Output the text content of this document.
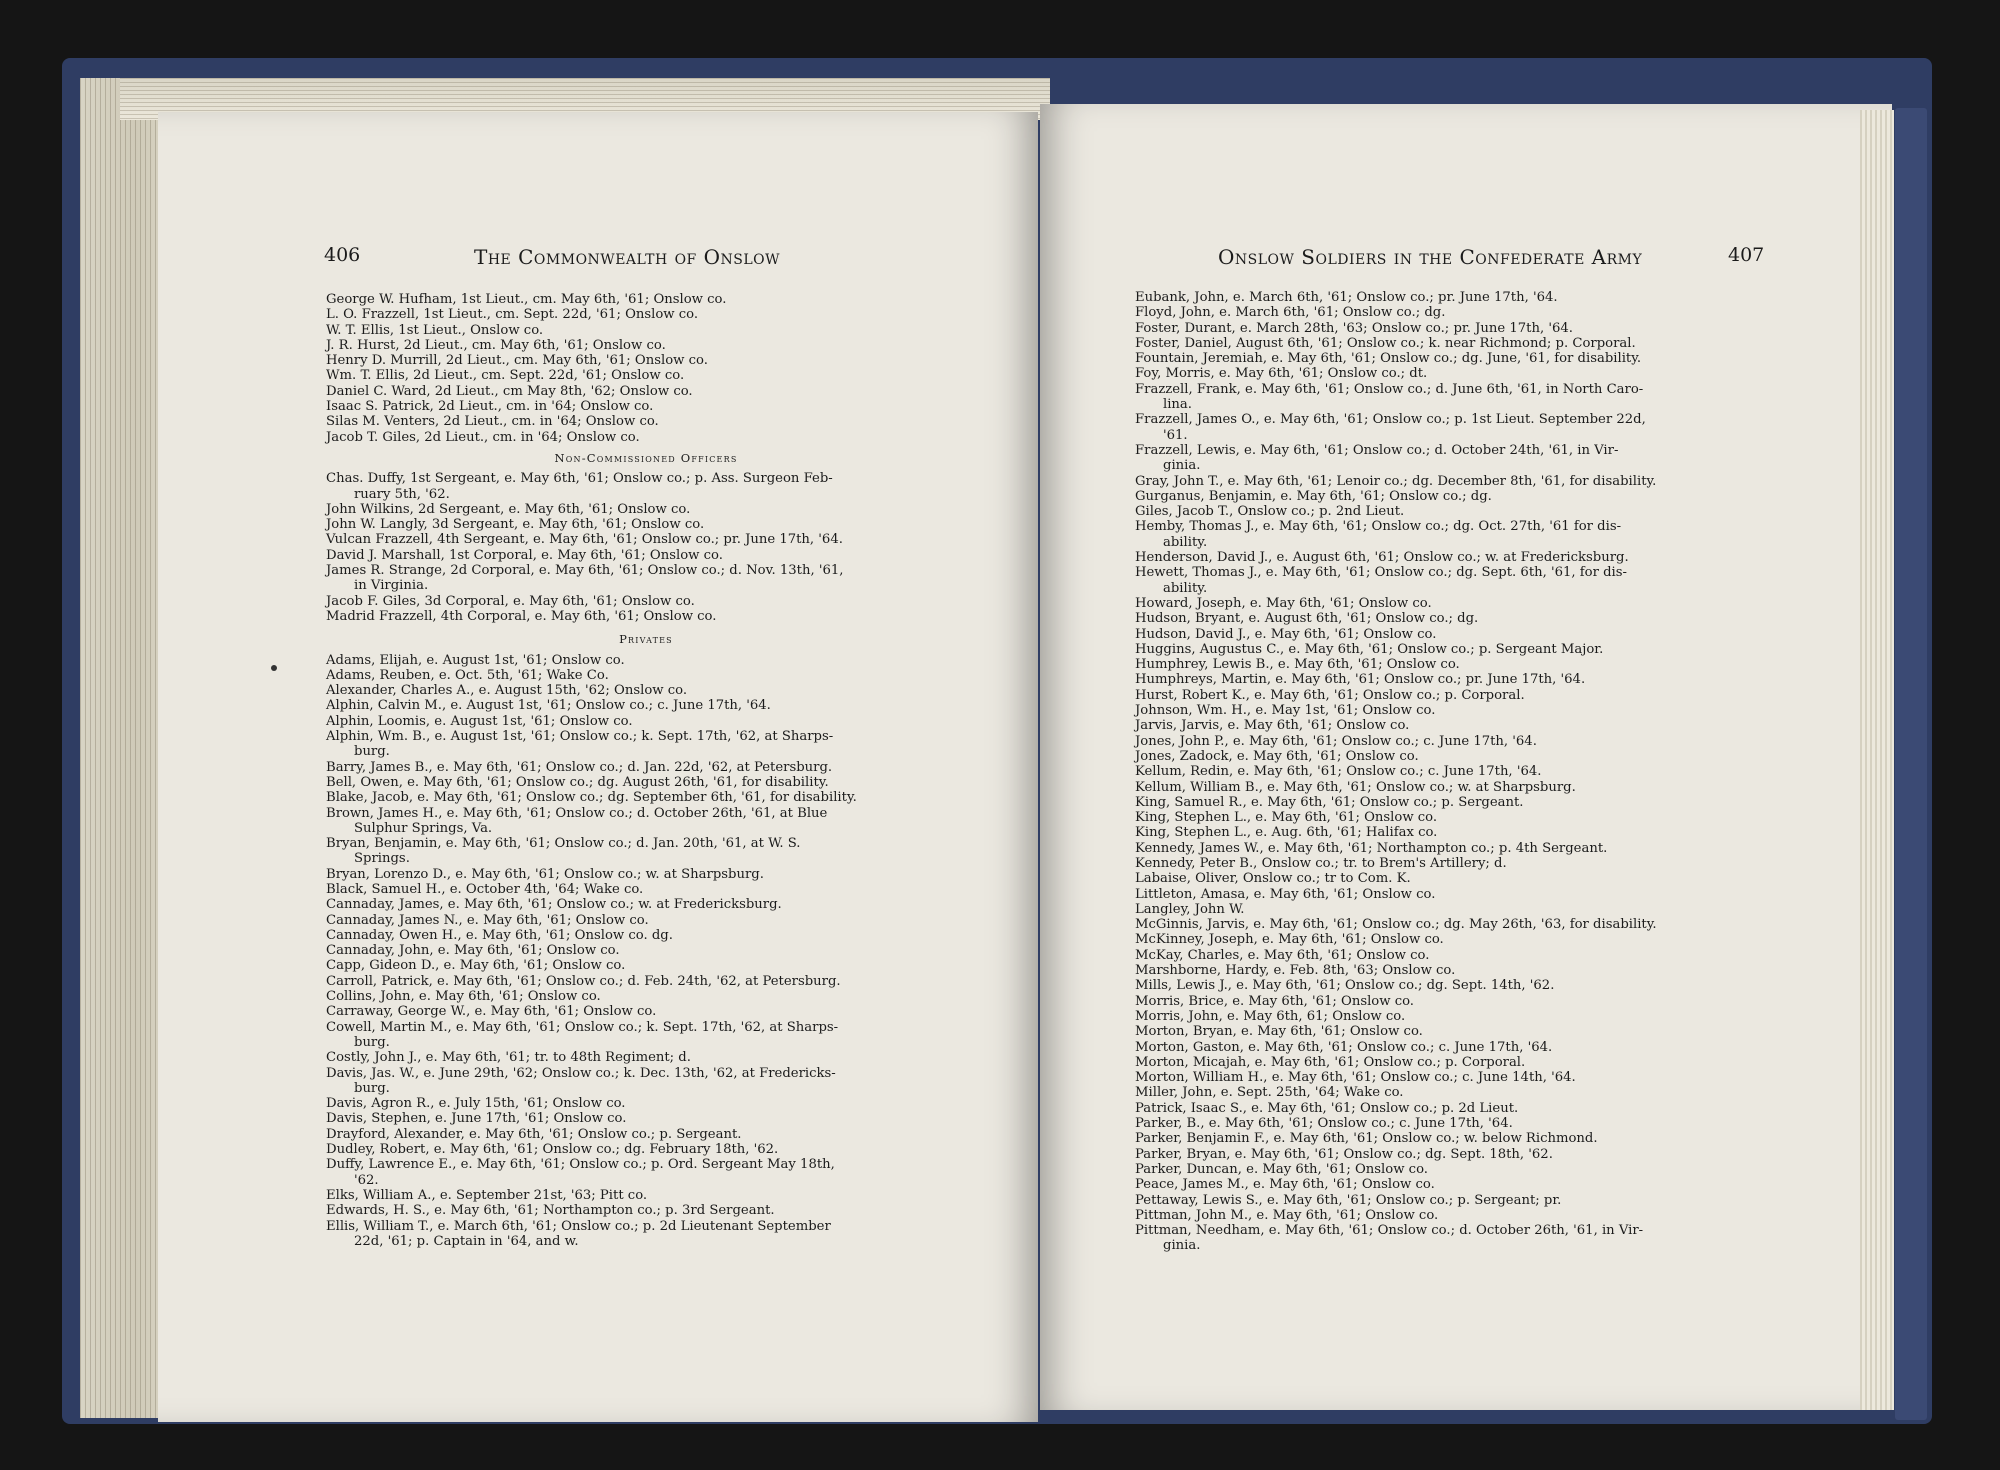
406	The Commonwealth of Onslow
George W. Hufham, 1st Lieut., cm. May 6th, '61; Onslow co.
L. O. Frazzell, 1st Lieut., cm. Sept. 22d, '61; Onslow co.
W. T. Ellis, 1st Lieut., Onslow co.
J. R. Hurst, 2d Lieut., cm. May 6th, '61; Onslow co.
Henry D. Murrill, 2d Lieut., cm. May 6th, '61; Onslow co.
Wm. T. Ellis, 2d Lieut., cm. Sept. 22d, '61; Onslow co.
Daniel C. Ward, 2d Lieut., cm May 8th, '62; Onslow co.
Isaac S. Patrick, 2d Lieut., cm. in '64; Onslow co.
Silas M. Venters, 2d Lieut., cm. in '64; Onslow co.
Jacob T. Giles, 2d Lieut., cm. in '64; Onslow co.
Non-Commissioned Officers
Chas. Duffy, 1st Sergeant, e. May 6th, '61; Onslow co.; p. Ass. Surgeon Feb-
ruary 5th, '62.
John Wilkins, 2d Sergeant, e. May 6th, '61; Onslow co.
John W. Langly, 3d Sergeant, e. May 6th, '61; Onslow co.
Vulcan Frazzell, 4th Sergeant, e. May 6th, '61; Onslow co.; pr. June 17th, '64.
David J. Marshall, 1st Corporal, e. May 6th, '61; Onslow co.
James R. Strange, 2d Corporal, e. May 6th, '61; Onslow co.; d. Nov. 13th, '61,
in Virginia.
Jacob F. Giles, 3d Corporal, e. May 6th, '61; Onslow co.
Madrid Frazzell, 4th Corporal, e. May 6th, '61; Onslow co.
Privates
Adams, Elijah, e. August 1st, '61; Onslow co.
Adams, Reuben, e. Oct. 5th, '61; Wake Co.
Alexander, Charles A., e. August 15th, '62; Onslow co.
Alphin, Calvin M., e. August 1st, '61; Onslow co.; c. June 17th, '64.
Alphin, Loomis, e. August 1st, '61; Onslow co.
Alphin, Wm. B., e. August 1st, '61; Onslow co.; k. Sept. 17th, '62, at Sharps-
burg.
Barry, James B., e. May 6th, '61; Onslow co.; d. Jan. 22d, '62, at Petersburg.
Bell, Owen, e. May 6th, '61; Onslow co.; dg. August 26th, '61, for disability.
Blake, Jacob, e. May 6th, '61; Onslow co.; dg. September 6th, '61, for disability.
Brown, James H., e. May 6th, '61; Onslow co.; d. October 26th, '61, at Blue
Sulphur Springs, Va.
Bryan, Benjamin, e. May 6th, '61; Onslow co.; d. Jan. 20th, '61, at W. S.
Springs.
Bryan, Lorenzo D., e. May 6th, '61; Onslow co.; w. at Sharpsburg.
Black, Samuel H., e. October 4th, '64; Wake co.
Cannaday, James, e. May 6th, '61; Onslow co.; w. at Fredericksburg.
Cannaday, James N., e. May 6th, '61; Onslow co.
Cannaday, Owen H., e. May 6th, '61; Onslow co. dg.
Cannaday, John, e. May 6th, '61; Onslow co.
Capp, Gideon D., e. May 6th, '61; Onslow co.
Carroll, Patrick, e. May 6th, '61; Onslow co.; d. Feb. 24th, '62, at Petersburg.
Collins, John, e. May 6th, '61; Onslow co.
Carraway, George W., e. May 6th, '61; Onslow co.
Cowell, Martin M., e. May 6th, '61; Onslow co.; k. Sept. 17th, '62, at Sharps-
burg.
Costly, John J., e. May 6th, '61; tr. to 48th Regiment; d.
Davis, Jas. W., e. June 29th, '62; Onslow co.; k. Dec. 13th, '62, at Fredericks-
burg.
Davis, Agron R., e. July 15th, '61; Onslow co.
Davis, Stephen, e. June 17th, '61; Onslow co.
Drayford, Alexander, e. May 6th, '61; Onslow co.; p. Sergeant.
Dudley, Robert, e. May 6th, '61; Onslow co.; dg. February 18th, '62.
Duffy, Lawrence E., e. May 6th, '61; Onslow co.; p. Ord. Sergeant May 18th,
'62.
Elks, William A., e. September 21st, '63; Pitt co.
Edwards, H. S., e. May 6th, '61; Northampton co.; p. 3rd Sergeant.
Ellis, William T., e. March 6th, '61; Onslow co.; p. 2d Lieutenant September
22d, '61; p. Captain in '64, and w.
Onslow Soldiers in the Confederate Army	407
Eubank, John, e. March 6th, '61; Onslow co.; pr. June 17th, '64.
Floyd, John, e. March 6th, '61; Onslow co.; dg.
Foster, Durant, e. March 28th, '63; Onslow co.; pr. June 17th, '64.
Foster, Daniel, August 6th, '61; Onslow co.; k. near Richmond; p. Corporal.
Fountain, Jeremiah, e. May 6th, '61; Onslow co.; dg. June, '61, for disability.
Foy, Morris, e. May 6th, '61; Onslow co.; dt.
Frazzell, Frank, e. May 6th, '61; Onslow co.; d. June 6th, '61, in North Caro-
lina.
Frazzell, James O., e. May 6th, '61; Onslow co.; p. 1st Lieut. September 22d,
'61.
Frazzell, Lewis, e. May 6th, '61; Onslow co.; d. October 24th, '61, in Vir-
ginia.
Gray, John T., e. May 6th, '61; Lenoir co.; dg. December 8th, '61, for disability.
Gurganus, Benjamin, e. May 6th, '61; Onslow co.; dg.
Giles, Jacob T., Onslow co.; p. 2nd Lieut.
Hemby, Thomas J., e. May 6th, '61; Onslow co.; dg. Oct. 27th, '61 for dis-
ability.
Henderson, David J., e. August 6th, '61; Onslow co.; w. at Fredericksburg.
Hewett, Thomas J., e. May 6th, '61; Onslow co.; dg. Sept. 6th, '61, for dis-
ability.
Howard, Joseph, e. May 6th, '61; Onslow co.
Hudson, Bryant, e. August 6th, '61; Onslow co.; dg.
Hudson, David J., e. May 6th, '61; Onslow co.
Huggins, Augustus C., e. May 6th, '61; Onslow co.; p. Sergeant Major.
Humphrey, Lewis B., e. May 6th, '61; Onslow co.
Humphreys, Martin, e. May 6th, '61; Onslow co.; pr. June 17th, '64.
Hurst, Robert K., e. May 6th, '61; Onslow co.; p. Corporal.
Johnson, Wm. H., e. May 1st, '61; Onslow co.
Jarvis, Jarvis, e. May 6th, '61; Onslow co.
Jones, John P., e. May 6th, '61; Onslow co.; c. June 17th, '64.
Jones, Zadock, e. May 6th, '61; Onslow co.
Kellum, Redin, e. May 6th, '61; Onslow co.; c. June 17th, '64.
Kellum, William B., e. May 6th, '61; Onslow co.; w. at Sharpsburg.
King, Samuel R., e. May 6th, '61; Onslow co.; p. Sergeant.
King, Stephen L., e. May 6th, '61; Onslow co.
King, Stephen L., e. Aug. 6th, '61; Halifax co.
Kennedy, James W., e. May 6th, '61; Northampton co.; p. 4th Sergeant.
Kennedy, Peter B., Onslow co.; tr. to Brem's Artillery; d.
Labaise, Oliver, Onslow co.; tr to Com. K.
Littleton, Amasa, e. May 6th, '61; Onslow co.
Langley, John W.
McGinnis, Jarvis, e. May 6th, '61; Onslow co.; dg. May 26th, '63, for disability.
McKinney, Joseph, e. May 6th, '61; Onslow co.
McKay, Charles, e. May 6th, '61; Onslow co.
Marshborne, Hardy, e. Feb. 8th, '63; Onslow co.
Mills, Lewis J., e. May 6th, '61; Onslow co.; dg. Sept. 14th, '62.
Morris, Brice, e. May 6th, '61; Onslow co.
Morris, John, e. May 6th, 61; Onslow co.
Morton, Bryan, e. May 6th, '61; Onslow co.
Morton, Gaston, e. May 6th, '61; Onslow co.; c. June 17th, '64.
Morton, Micajah, e. May 6th, '61; Onslow co.; p. Corporal.
Morton, William H., e. May 6th, '61; Onslow co.; c. June 14th, '64.
Miller, John, e. Sept. 25th, '64; Wake co.
Patrick, Isaac S., e. May 6th, '61; Onslow co.; p. 2d Lieut.
Parker, B., e. May 6th, '61; Onslow co.; c. June 17th, '64.
Parker, Benjamin F., e. May 6th, '61; Onslow co.; w. below Richmond.
Parker, Bryan, e. May 6th, '61; Onslow co.; dg. Sept. 18th, '62.
Parker, Duncan, e. May 6th, '61; Onslow co.
Peace, James M., e. May 6th, '61; Onslow co.
Pettaway, Lewis S., e. May 6th, '61; Onslow co.; p. Sergeant; pr.
Pittman, John M., e. May 6th, '61; Onslow co.
Pittman, Needham, e. May 6th, '61; Onslow co.; d. October 26th, '61, in Vir-
ginia.
